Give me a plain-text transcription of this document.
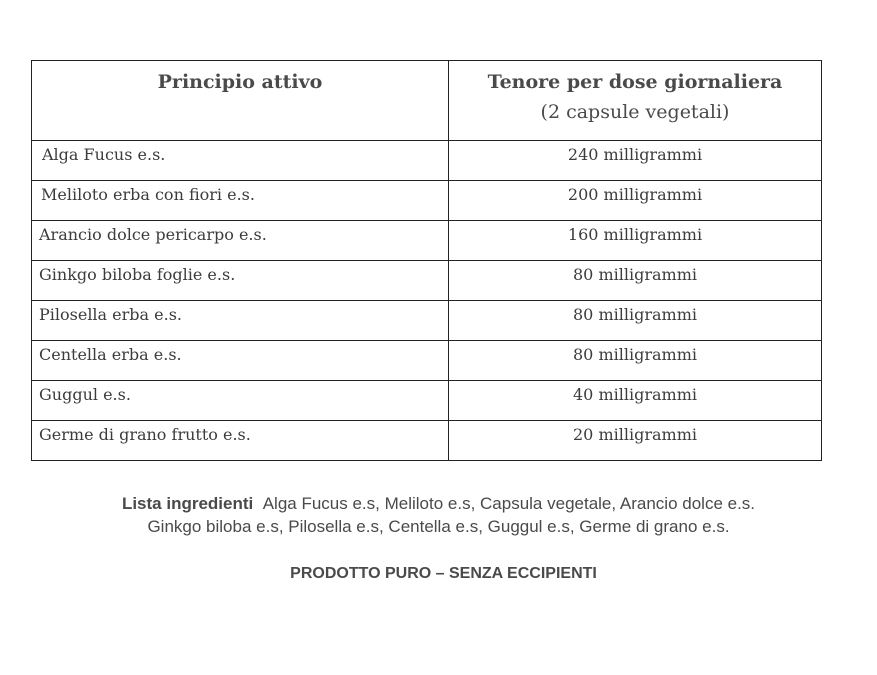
Principio attivo	Tenore per dose giornaliera
(2 capsule vegetali)

Alga Fucus e.s.	240 milligrammi
Meliloto erba con fiori e.s.	200 milligrammi
Arancio dolce pericarpo e.s.	160 milligrammi
Ginkgo biloba foglie e.s.	80 milligrammi
Pilosella erba e.s.	80 milligrammi
Centella erba e.s.	80 milligrammi
Guggul e.s.	40 milligrammi
Germe di grano frutto e.s.	20 milligrammi
Lista ingredienti Alga Fucus e.s, Meliloto e.s, Capsula vegetale, Arancio dolce e.s.
Ginkgo biloba e.s, Pilosella e.s, Centella e.s, Guggul e.s, Germe di grano e.s.
PRODOTTO PURO – SENZA ECCIPIENTI
